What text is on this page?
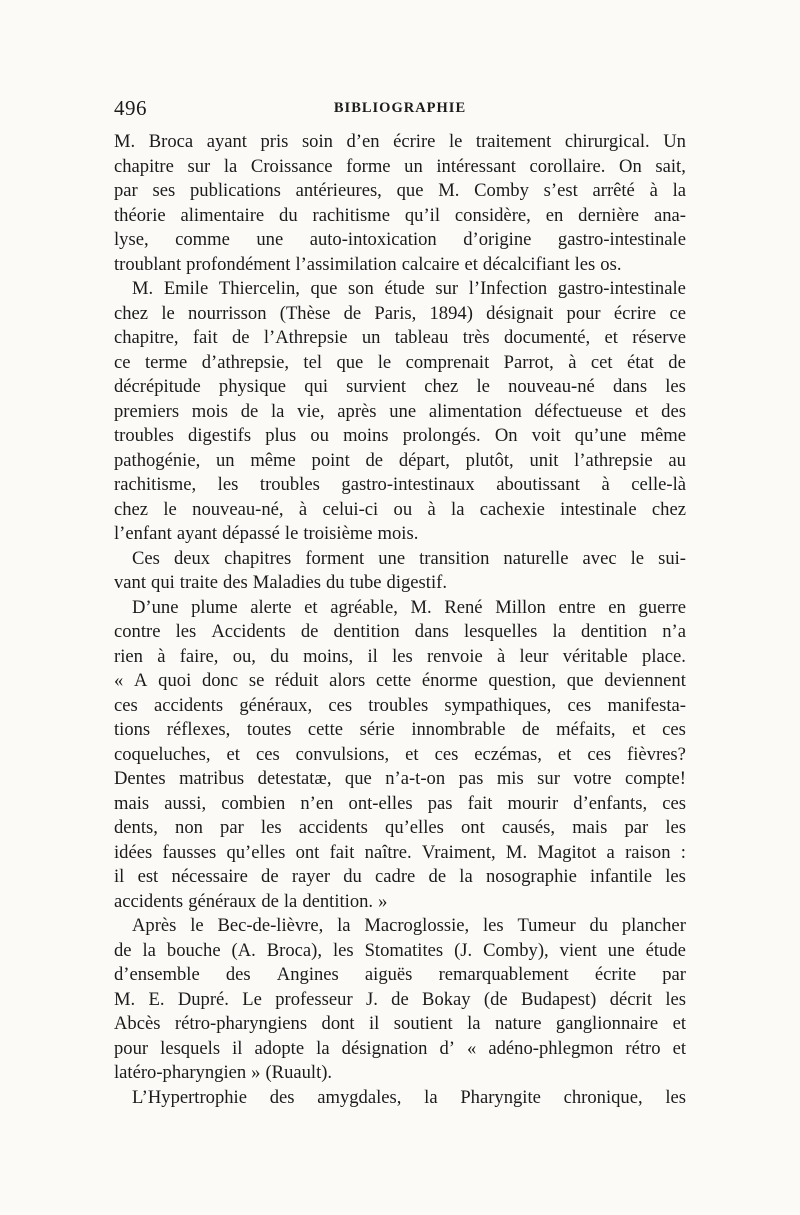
496	BIBLIOGRAPHIE
M. Broca ayant pris soin d’en écrire le traitement chirurgical. Un
chapitre sur la Croissance forme un intéressant corollaire. On sait,
par ses publications antérieures, que M. Comby s’est arrêté à la
théorie alimentaire du rachitisme qu’il considère, en dernière ana-
lyse, comme une auto-intoxication d’origine gastro-intestinale
troublant profondément l’assimilation calcaire et décalcifiant les os.
M. Emile Thiercelin, que son étude sur l’Infection gastro-intestinale
chez le nourrisson (Thèse de Paris, 1894) désignait pour écrire ce
chapitre, fait de l’Athrepsie un tableau très documenté, et réserve
ce terme d’athrepsie, tel que le comprenait Parrot, à cet état de
décrépitude physique qui survient chez le nouveau-né dans les
premiers mois de la vie, après une alimentation défectueuse et des
troubles digestifs plus ou moins prolongés. On voit qu’une même
pathogénie, un même point de départ, plutôt, unit l’athrepsie au
rachitisme, les troubles gastro-intestinaux aboutissant à celle-là
chez le nouveau-né, à celui-ci ou à la cachexie intestinale chez
l’enfant ayant dépassé le troisième mois.
Ces deux chapitres forment une transition naturelle avec le sui-
vant qui traite des Maladies du tube digestif.
D’une plume alerte et agréable, M. René Millon entre en guerre
contre les Accidents de dentition dans lesquelles la dentition n’a
rien à faire, ou, du moins, il les renvoie à leur véritable place.
« A quoi donc se réduit alors cette énorme question, que deviennent
ces accidents généraux, ces troubles sympathiques, ces manifesta-
tions réflexes, toutes cette série innombrable de méfaits, et ces
coqueluches, et ces convulsions, et ces eczémas, et ces fièvres?
Dentes matribus detestatæ, que n’a-t-on pas mis sur votre compte!
mais aussi, combien n’en ont-elles pas fait mourir d’enfants, ces
dents, non par les accidents qu’elles ont causés, mais par les
idées fausses qu’elles ont fait naître. Vraiment, M. Magitot a raison :
il est nécessaire de rayer du cadre de la nosographie infantile les
accidents généraux de la dentition. »
Après le Bec-de-lièvre, la Macroglossie, les Tumeur du plancher
de la bouche (A. Broca), les Stomatites (J. Comby), vient une étude
d’ensemble des Angines aiguës remarquablement écrite par
M. E. Dupré. Le professeur J. de Bokay (de Budapest) décrit les
Abcès rétro-pharyngiens dont il soutient la nature ganglionnaire et
pour lesquels il adopte la désignation d’ « adéno-phlegmon rétro et
latéro-pharyngien » (Ruault).
L’Hypertrophie des amygdales, la Pharyngite chronique, les
